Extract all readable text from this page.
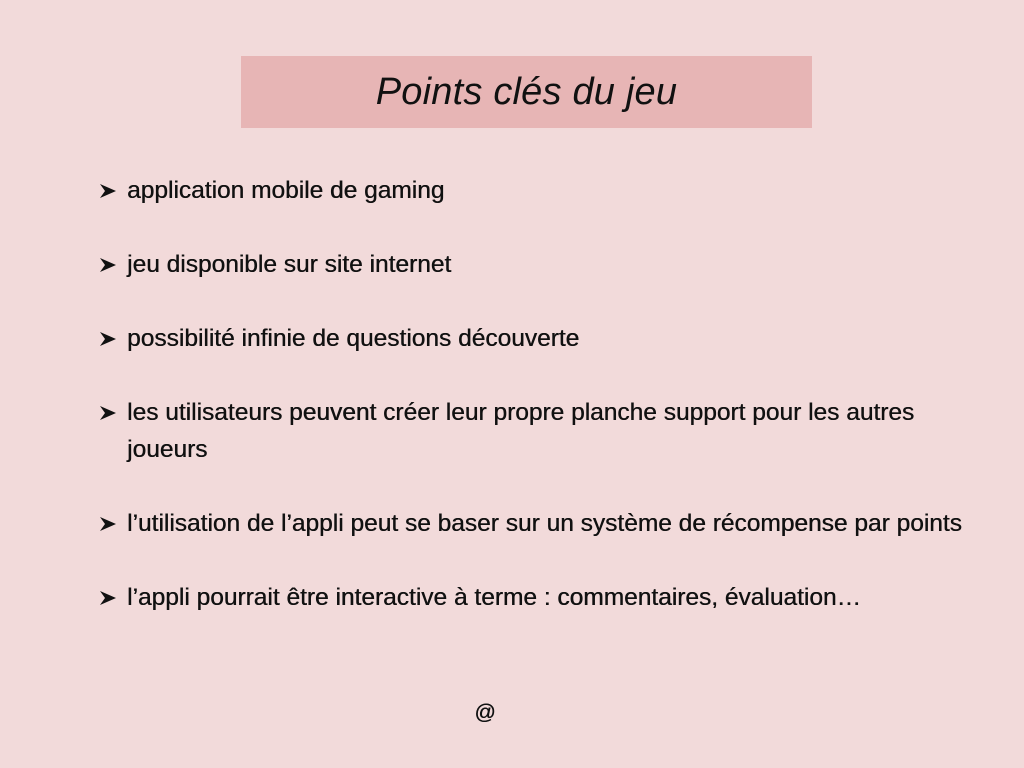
Points clés du jeu
application mobile de gaming
jeu disponible sur site internet
possibilité infinie de questions découverte
les utilisateurs peuvent créer leur propre planche support pour les autres joueurs
l’utilisation de l’appli peut se baser sur un système de récompense par points
l’appli pourrait être interactive à terme : commentaires, évaluation…
@
